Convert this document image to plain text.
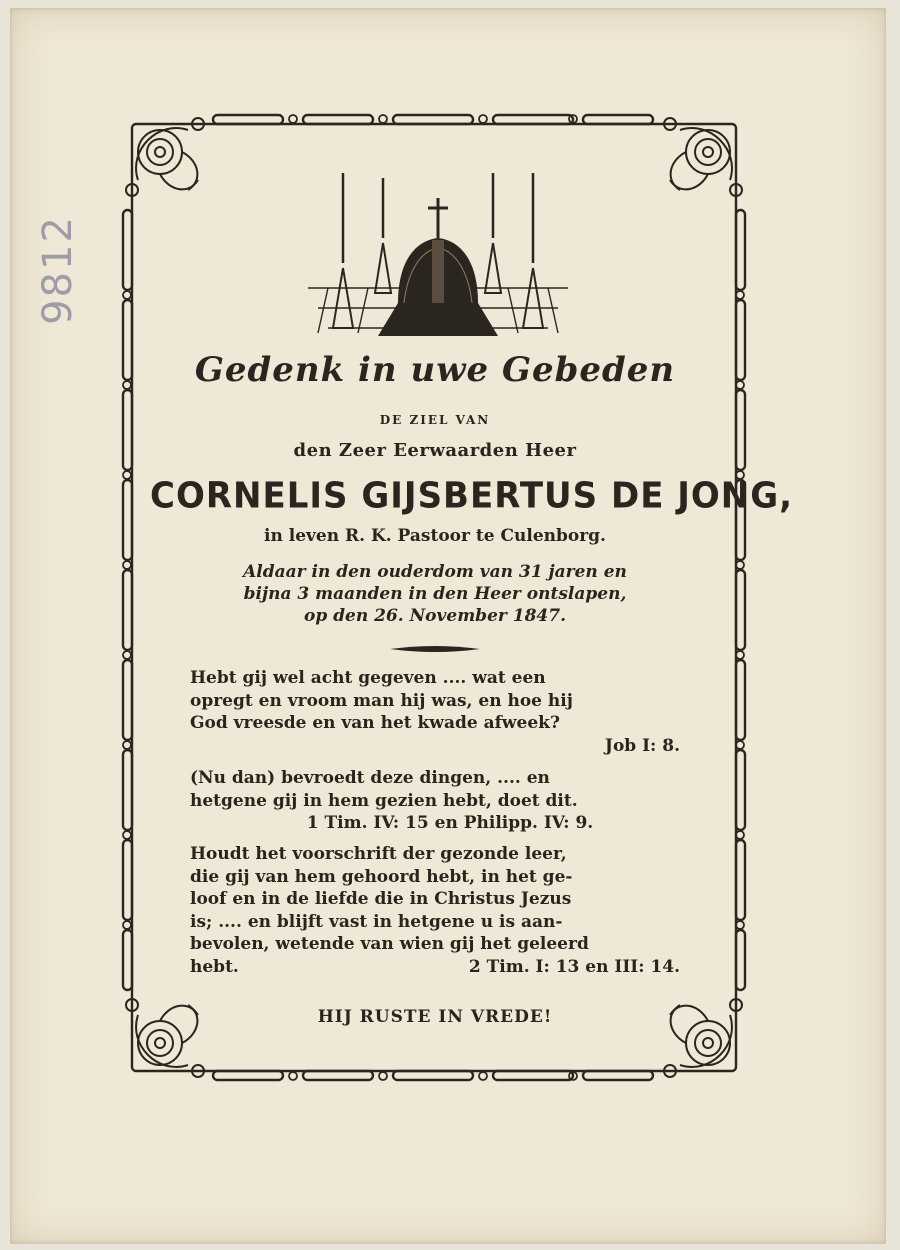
9812
Gedenk in uwe Gebeden
DE ZIEL VAN
den Zeer Eerwaarden Heer
CORNELIS GIJSBERTUS DE JONG,
in leven R. K. Pastoor te Culenborg.
Aldaar in den ouderdom van 31 jaren en
bijna 3 maanden in den Heer ontslapen,
op den 26. November 1847.
Hebt gij wel acht gegeven .... wat een
opregt en vroom man hij was, en hoe hij
God vreesde en van het kwade afweek?
Job I: 8.
(Nu dan) bevroedt deze dingen, .... en
hetgene gij in hem gezien hebt, doet dit.
1 Tim. IV: 15 en Philipp. IV: 9.
Houdt het voorschrift der gezonde leer,
die gij van hem gehoord hebt, in het ge-
loof en in de liefde die in Christus Jezus
is; .... en blijft vast in hetgene u is aan-
bevolen, wetende van wien gij het geleerd
hebt.	2 Tim. I: 13 en III: 14.
HIJ RUSTE IN VREDE!
